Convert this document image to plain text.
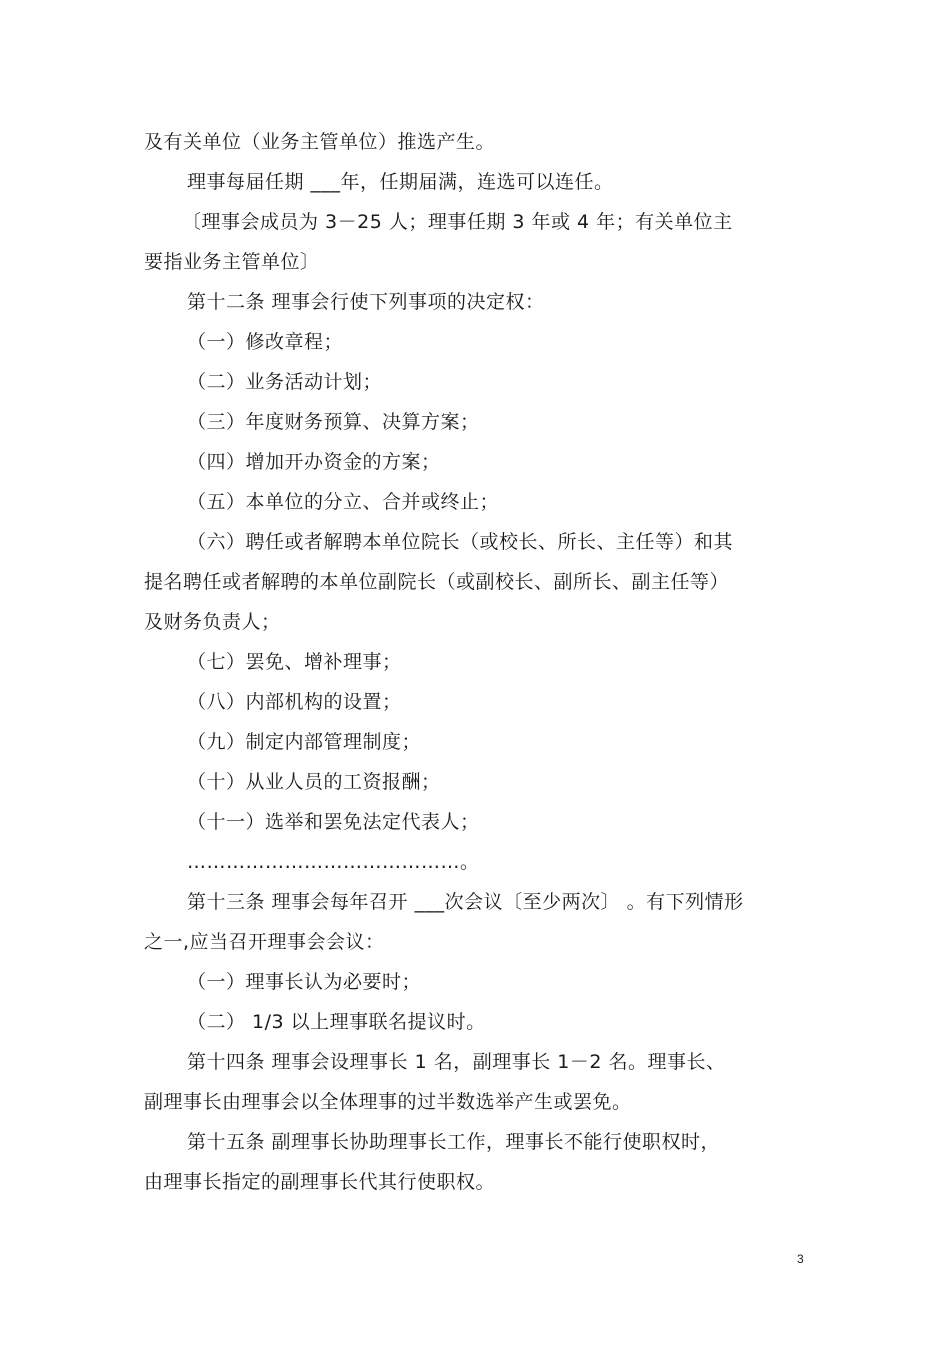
及有关单位（业务主管单位）推选产生。
理事每届任期 ___年，任期届满，连选可以连任。
〔理事会成员为 3－25 人；理事任期 3 年或 4 年；有关单位主
要指业务主管单位〕
第十二条 理事会行使下列事项的决定权：
（一）修改章程；
（二）业务活动计划；
（三）年度财务预算、决算方案；
（四）增加开办资金的方案；
（五）本单位的分立、合并或终止；
（六）聘任或者解聘本单位院长（或校长、所长、主任等）和其
提名聘任或者解聘的本单位副院长（或副校长、副所长、副主任等）
及财务负责人；
（七）罢免、增补理事；
（八）内部机构的设置；
（九）制定内部管理制度；
（十）从业人员的工资报酬；
（十一）选举和罢免法定代表人；
……………………………………。
第十三条 理事会每年召开 ___次会议〔至少两次〕 。有下列情形
之一,应当召开理事会会议：
（一）理事长认为必要时；
（二） 1/3 以上理事联名提议时。
第十四条 理事会设理事长 1 名，副理事长 1－2 名。理事长、
副理事长由理事会以全体理事的过半数选举产生或罢免。
第十五条 副理事长协助理事长工作，理事长不能行使职权时，
由理事长指定的副理事长代其行使职权。
3
